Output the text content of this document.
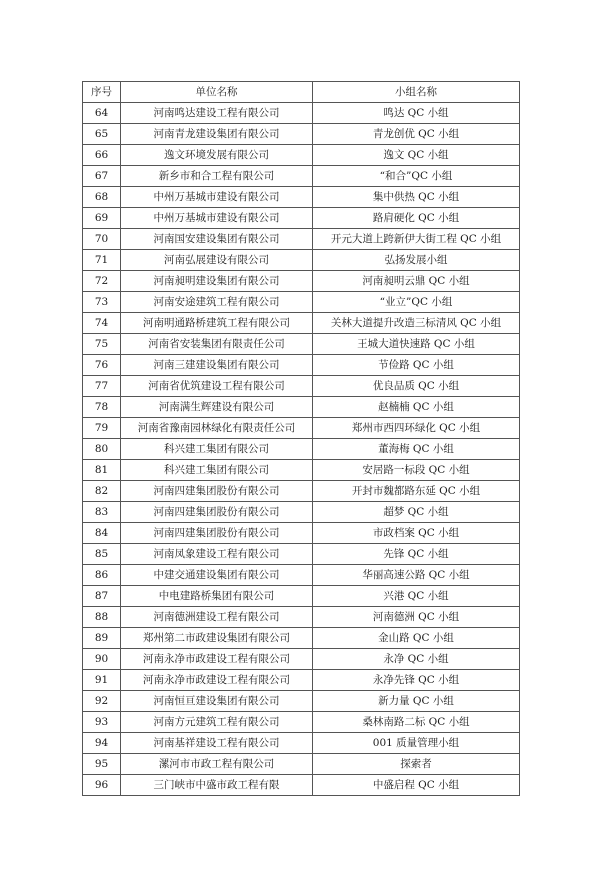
序号	单位名称	小组名称
64	河南鸣达建设工程有限公司	鸣达 QC 小组
65	河南青龙建设集团有限公司	青龙创优 QC 小组
66	逸文环境发展有限公司	逸文 QC 小组
67	新乡市和合工程有限公司	“和合”QC 小组
68	中州万基城市建设有限公司	集中供热 QC 小组
69	中州万基城市建设有限公司	路肩硬化 QC 小组
70	河南国安建设集团有限公司	开元大道上跨新伊大街工程 QC 小组
71	河南弘展建设有限公司	弘扬发展小组
72	河南昶明建设集团有限公司	河南昶明云鼎 QC 小组
73	河南安途建筑工程有限公司	“业立”QC 小组
74	河南明通路桥建筑工程有限公司	关林大道提升改造三标清风 QC 小组
75	河南省安装集团有限责任公司	王城大道快速路 QC 小组
76	河南三建建设集团有限公司	节俭路 QC 小组
77	河南省优筑建设工程有限公司	优良品质 QC 小组
78	河南满生辉建设有限公司	赵楠楠 QC 小组
79	河南省豫南园林绿化有限责任公司	郑州市西四环绿化 QC 小组
80	科兴建工集团有限公司	董海梅 QC 小组
81	科兴建工集团有限公司	安居路一标段 QC 小组
82	河南四建集团股份有限公司	开封市魏都路东延 QC 小组
83	河南四建集团股份有限公司	超梦 QC 小组
84	河南四建集团股份有限公司	市政档案 QC 小组
85	河南凤象建设工程有限公司	先锋 QC 小组
86	中建交通建设集团有限公司	华丽高速公路 QC 小组
87	中电建路桥集团有限公司	兴港 QC 小组
88	河南德洲建设工程有限公司	河南德洲 QC 小组
89	郑州第二市政建设集团有限公司	金山路 QC 小组
90	河南永净市政建设工程有限公司	永净 QC 小组
91	河南永净市政建设工程有限公司	永净先锋 QC 小组
92	河南恒亘建设集团有限公司	新力量 QC 小组
93	河南方元建筑工程有限公司	桑林南路二标 QC 小组
94	河南基祥建设工程有限公司	001 质量管理小组
95	漯河市市政工程有限公司	探索者
96	三门峡市中盛市政工程有限	中盛启程 QC 小组
